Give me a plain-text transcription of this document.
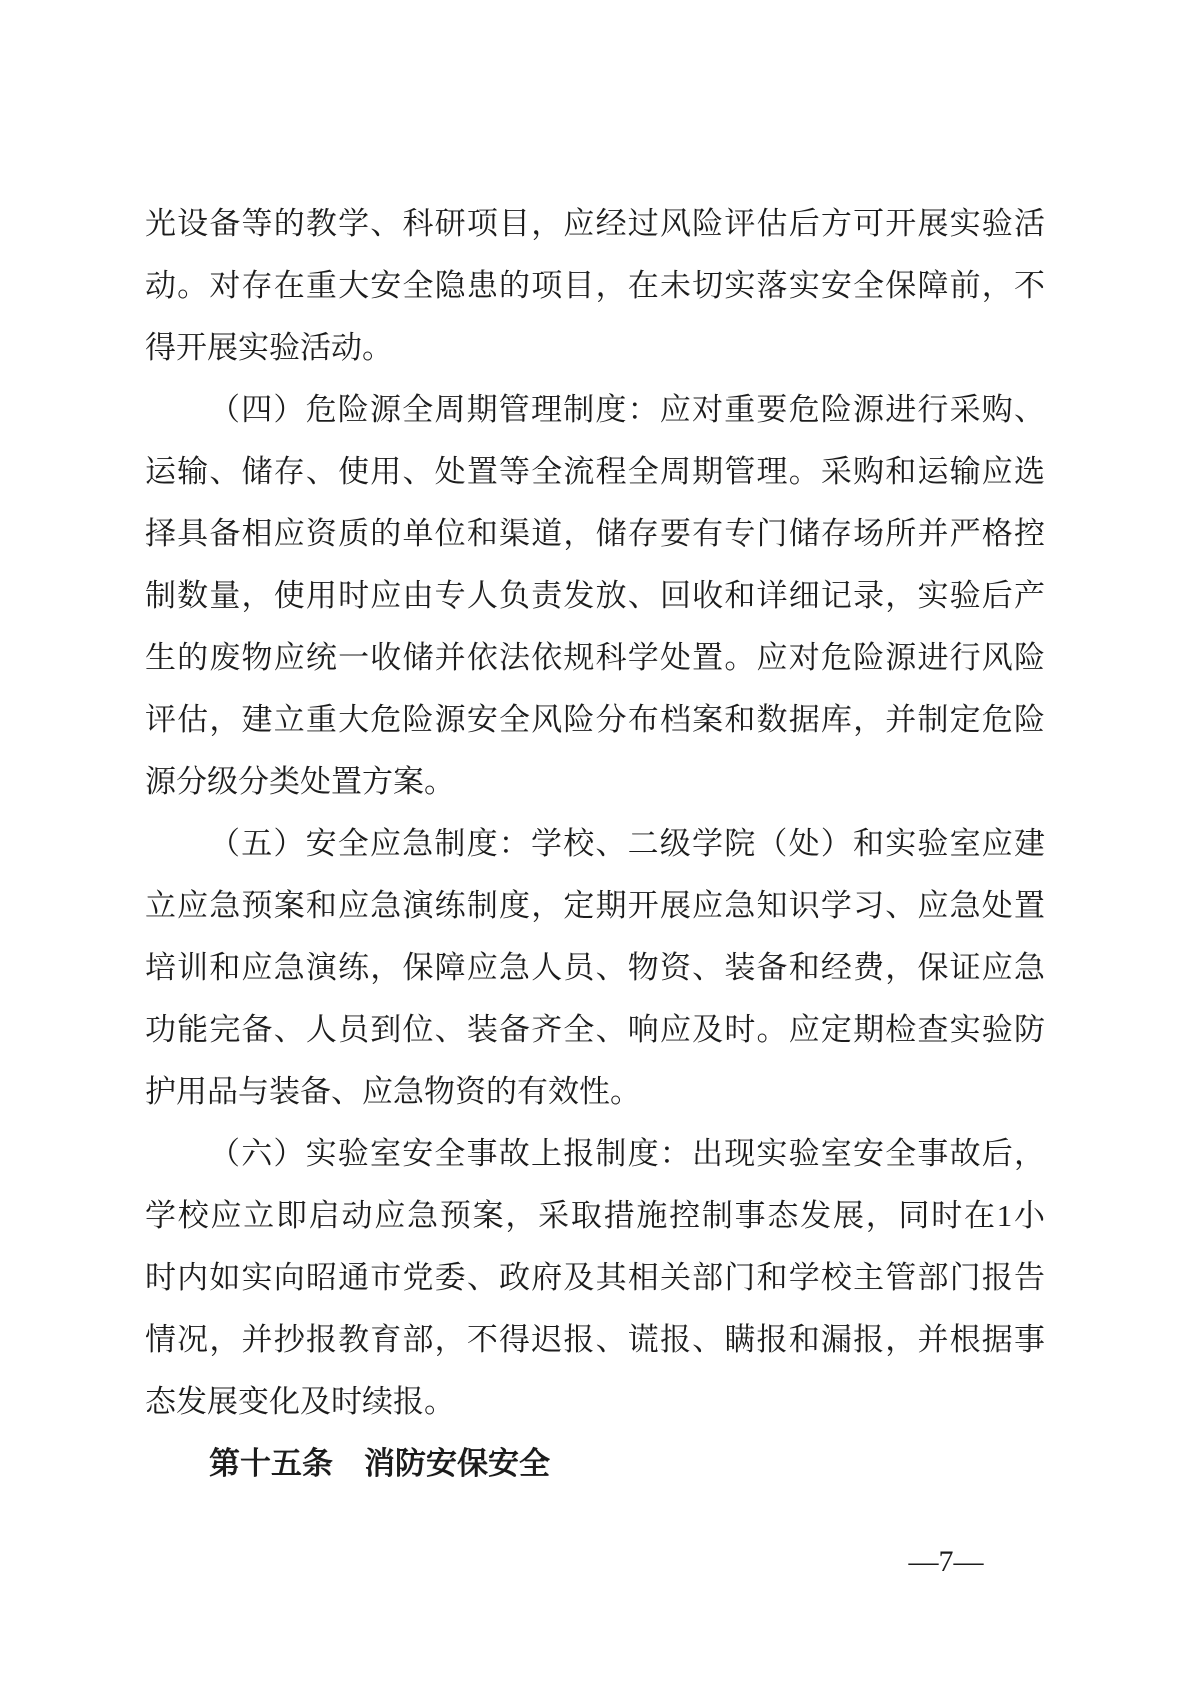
光设备等的教学、科研项目，应经过风险评估后方可开展实验活
动。对存在重大安全隐患的项目，在未切实落实安全保障前，不
得开展实验活动。
（四）危险源全周期管理制度：应对重要危险源进行采购、
运输、储存、使用、处置等全流程全周期管理。采购和运输应选
择具备相应资质的单位和渠道，储存要有专门储存场所并严格控
制数量，使用时应由专人负责发放、回收和详细记录，实验后产
生的废物应统一收储并依法依规科学处置。应对危险源进行风险
评估，建立重大危险源安全风险分布档案和数据库，并制定危险
源分级分类处置方案。
（五）安全应急制度：学校、二级学院（处）和实验室应建
立应急预案和应急演练制度，定期开展应急知识学习、应急处置
培训和应急演练，保障应急人员、物资、装备和经费，保证应急
功能完备、人员到位、装备齐全、响应及时。应定期检查实验防
护用品与装备、应急物资的有效性。
（六）实验室安全事故上报制度：出现实验室安全事故后，
学校应立即启动应急预案，采取措施控制事态发展，同时在1小
时内如实向昭通市党委、政府及其相关部门和学校主管部门报告
情况，并抄报教育部，不得迟报、谎报、瞒报和漏报，并根据事
态发展变化及时续报。
第十五条　消防安保安全
—7—
